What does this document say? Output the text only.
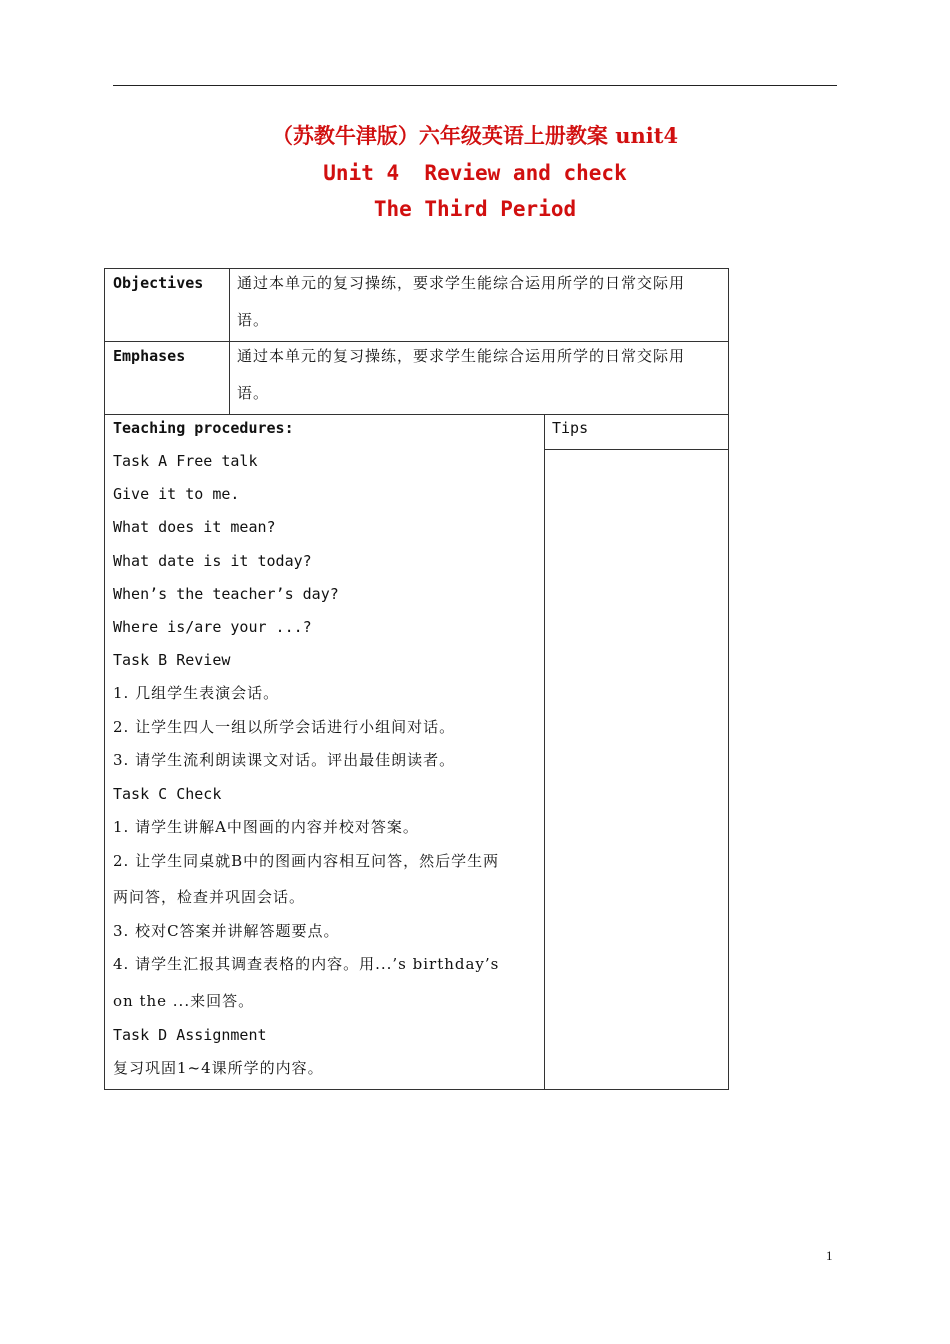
（苏教牛津版）六年级英语上册教案 unit4
Unit 4  Review and check
The Third Period
Objectives 通过本单元的复习操练，要求学生能综合运用所学的日常交际用
语。
Emphases	通过本单元的复习操练，要求学生能综合运用所学的日常交际用
语。
Teaching procedures:	Tips
Task A Free talk
Give it to me.
What does it mean?
What date is it today?
When’s the teacher’s day?
Where is/are your ...?
Task B Review
1. 几组学生表演会话。
2. 让学生四人一组以所学会话进行小组间对话。
3. 请学生流利朗读课文对话。评出最佳朗读者。
Task C Check
1. 请学生讲解A中图画的内容并校对答案。
2. 让学生同桌就B中的图画内容相互问答，然后学生两
两问答，检查并巩固会话。
3. 校对C答案并讲解答题要点。
4. 请学生汇报其调查表格的内容。用...’s birthday’s
on the ...来回答。
Task D Assignment
复习巩固1~4课所学的内容。
1
